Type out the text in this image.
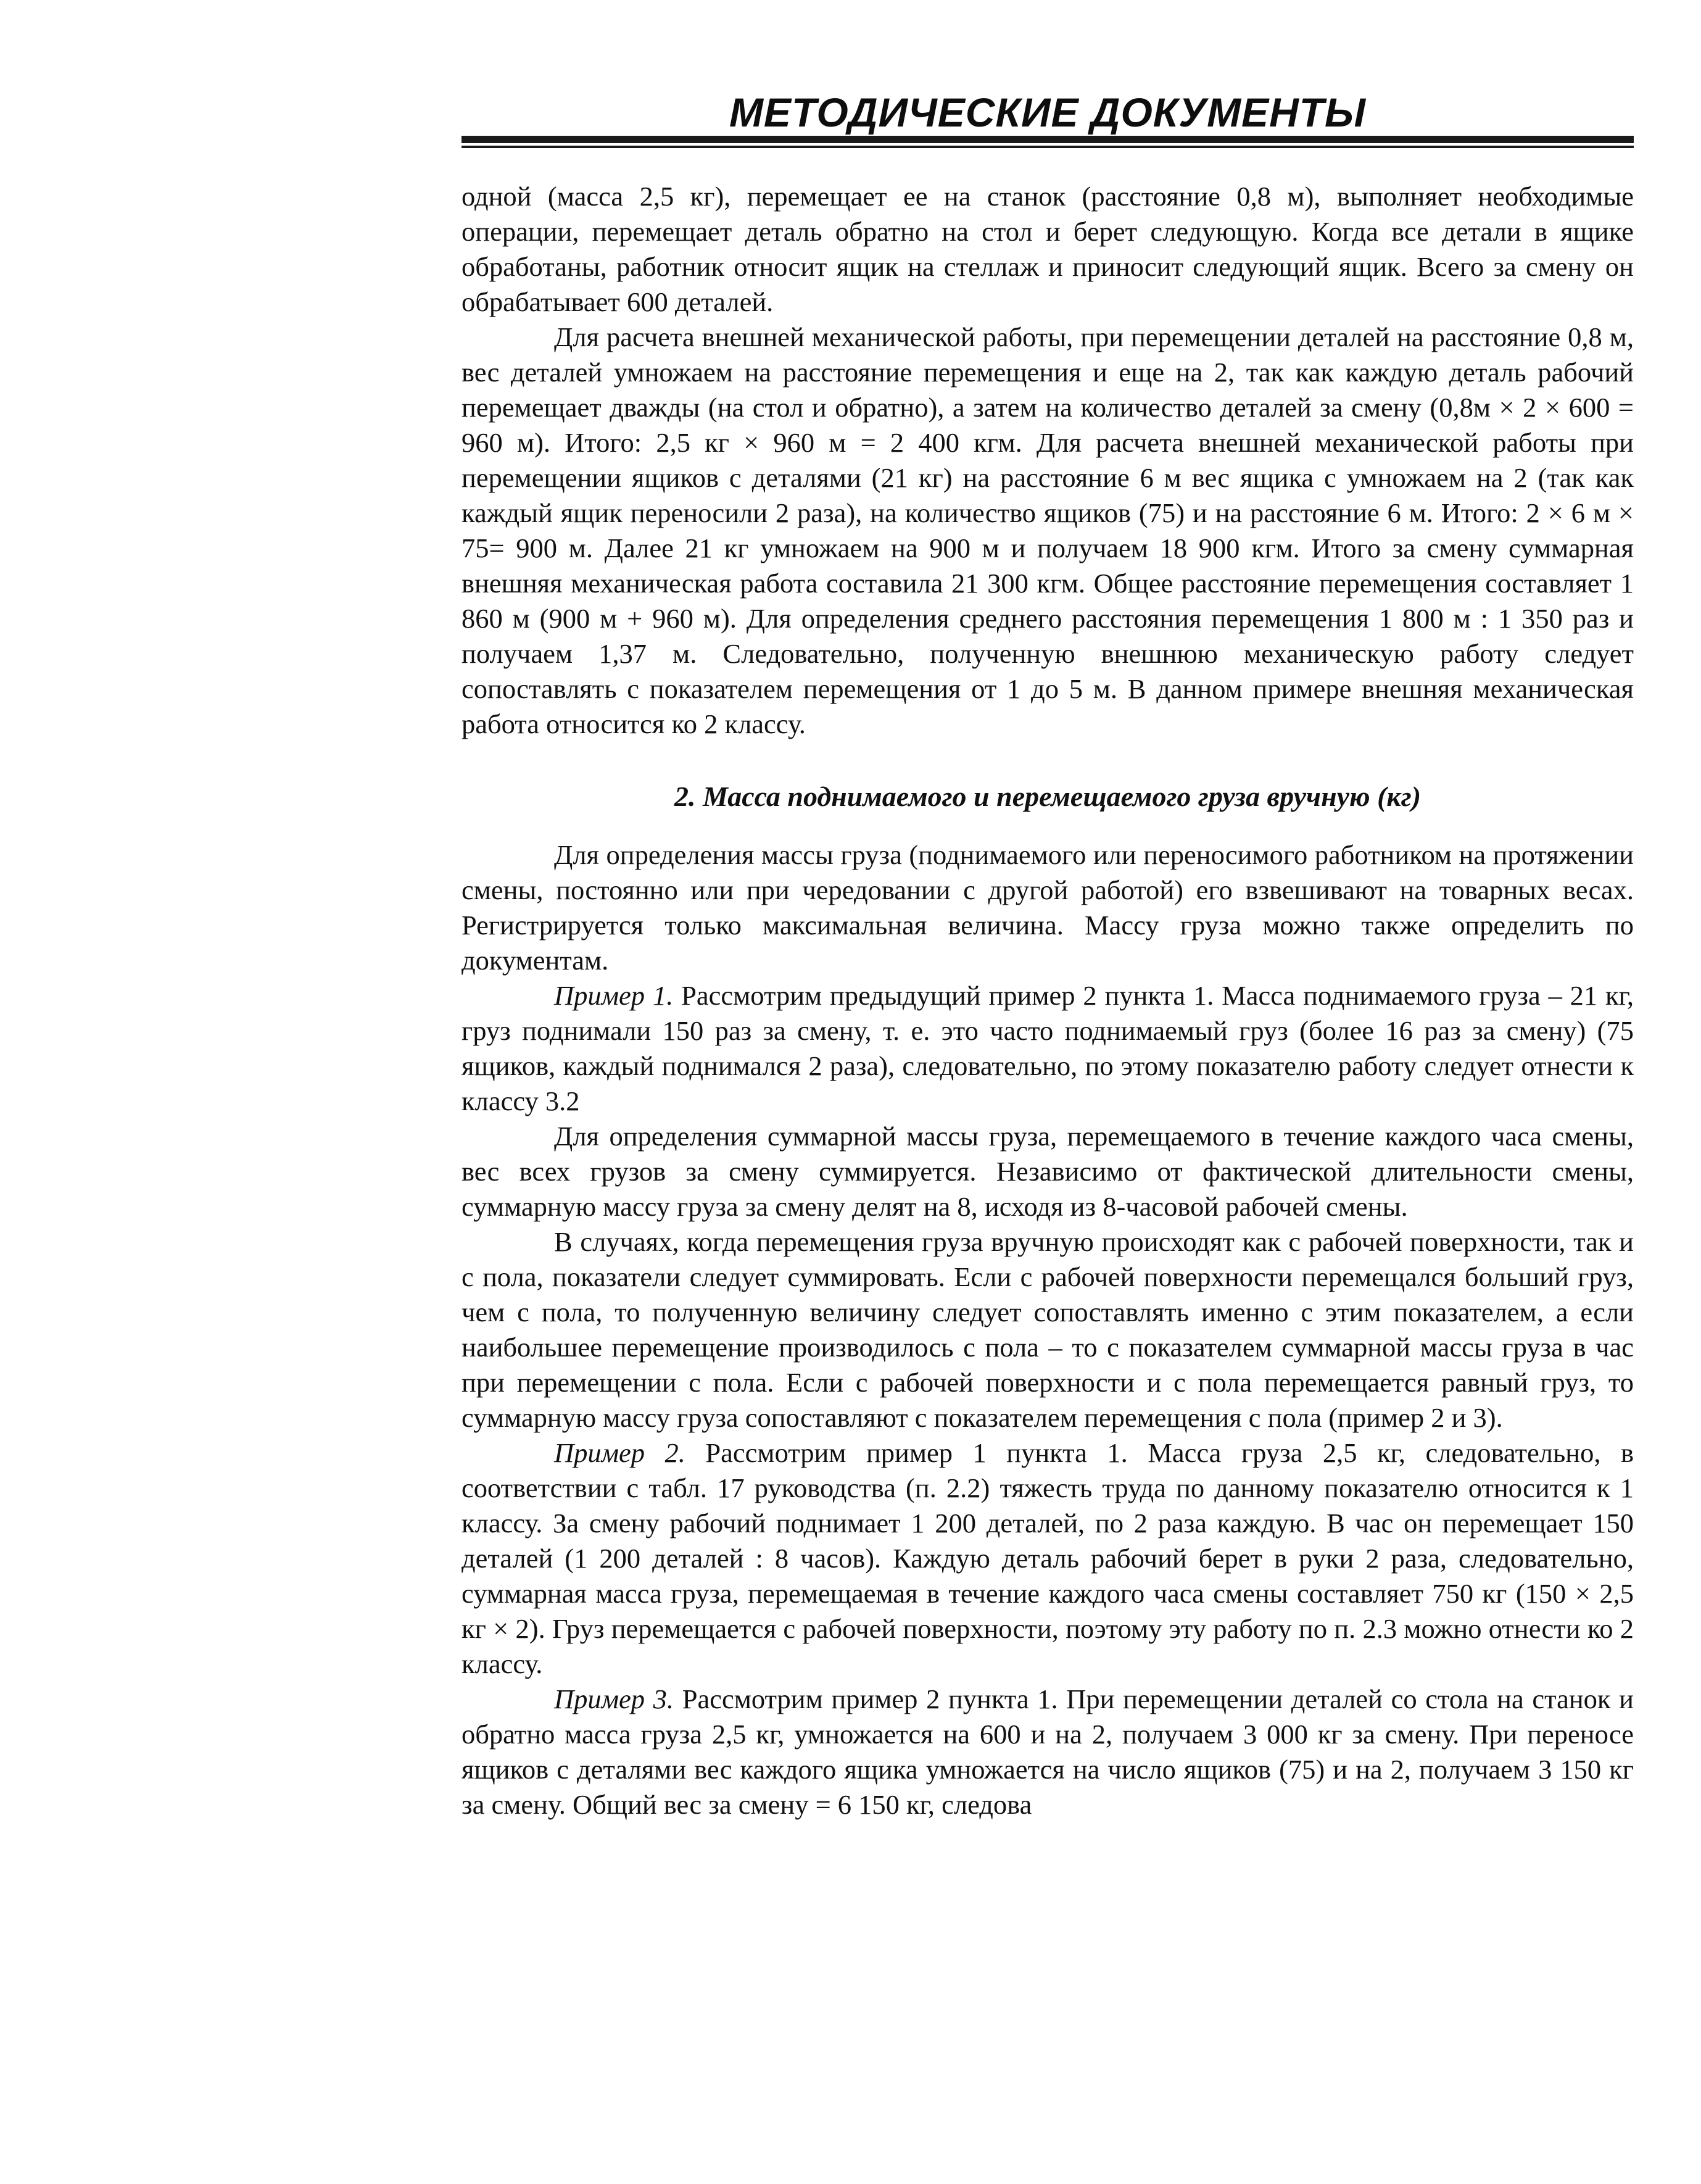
МЕТОДИЧЕСКИЕ ДОКУМЕНТЫ

одной (масса 2,5 кг), перемещает ее на станок (расстояние 0,8 м), выполняет необходимые операции, перемещает деталь обратно на стол и берет следующую. Когда все детали в ящике обработаны, работник относит ящик на стеллаж и приносит следующий ящик. Всего за смену он обрабатывает 600 деталей.

Для расчета внешней механической работы, при перемещении деталей на расстояние 0,8 м, вес деталей умножаем на расстояние перемещения и еще на 2, так как каждую деталь рабочий перемещает дважды (на стол и обратно), а затем на количество деталей за смену (0,8м × 2 × 600 = 960 м). Итого: 2,5 кг × 960 м = 2 400 кгм. Для расчета внешней механической работы при перемещении ящиков с деталями (21 кг) на расстояние 6 м вес ящика с умножаем на 2 (так как каждый ящик переносили 2 раза), на количество ящиков (75) и на расстояние 6 м. Итого: 2 × 6 м × 75= 900 м. Далее 21 кг умножаем на 900 м и получаем 18 900 кгм. Итого за смену суммарная внешняя механическая работа составила 21 300 кгм. Общее расстояние перемещения составляет 1 860 м (900 м + 960 м). Для определения среднего расстояния перемещения 1 800 м : 1 350 раз и получаем 1,37 м. Следовательно, полученную внешнюю механическую работу следует сопоставлять с показателем перемещения от 1 до 5 м. В данном примере внешняя механическая работа относится ко 2 классу.

2. Масса поднимаемого и перемещаемого груза вручную (кг)

Для определения массы груза (поднимаемого или переносимого работником на протяжении смены, постоянно или при чередовании с другой работой) его взвешивают на товарных весах. Регистрируется только максимальная величина. Массу груза можно также определить по документам.

Пример 1. Рассмотрим предыдущий пример 2 пункта 1. Масса поднимаемого груза – 21 кг, груз поднимали 150 раз за смену, т. е. это часто поднимаемый груз (более 16 раз за смену) (75 ящиков, каждый поднимался 2 раза), следовательно, по этому показателю работу следует отнести к классу 3.2

Для определения суммарной массы груза, перемещаемого в течение каждого часа смены, вес всех грузов за смену суммируется. Независимо от фактической длительности смены, суммарную массу груза за смену делят на 8, исходя из 8-часовой рабочей смены.

В случаях, когда перемещения груза вручную происходят как с рабочей поверхности, так и с пола, показатели следует суммировать. Если с рабочей поверхности перемещался больший груз, чем с пола, то полученную величину следует сопоставлять именно с этим показателем, а если наибольшее перемещение производилось с пола – то с показателем суммарной массы груза в час при перемещении с пола. Если с рабочей поверхности и с пола перемещается равный груз, то суммарную массу груза сопоставляют с показателем перемещения с пола (пример 2 и 3).

Пример 2. Рассмотрим пример 1 пункта 1. Масса груза 2,5 кг, следовательно, в соответствии с табл. 17 руководства (п. 2.2) тяжесть труда по данному показателю относится к 1 классу. За смену рабочий поднимает 1 200 деталей, по 2 раза каждую. В час он перемещает 150 деталей (1 200 деталей : 8 часов). Каждую деталь рабочий берет в руки 2 раза, следовательно, суммарная масса груза, перемещаемая в течение каждого часа смены составляет 750 кг (150 × 2,5 кг × 2). Груз перемещается с рабочей поверхности, поэтому эту работу по п. 2.3 можно отнести ко 2 классу.

Пример 3. Рассмотрим пример 2 пункта 1. При перемещении деталей со стола на станок и обратно масса груза 2,5 кг, умножается на 600 и на 2, получаем 3 000 кг за смену. При переносе ящиков с деталями вес каждого ящика умножается на число ящиков (75) и на 2, получаем 3 150 кг за смену. Общий вес за смену = 6 150 кг, следова
